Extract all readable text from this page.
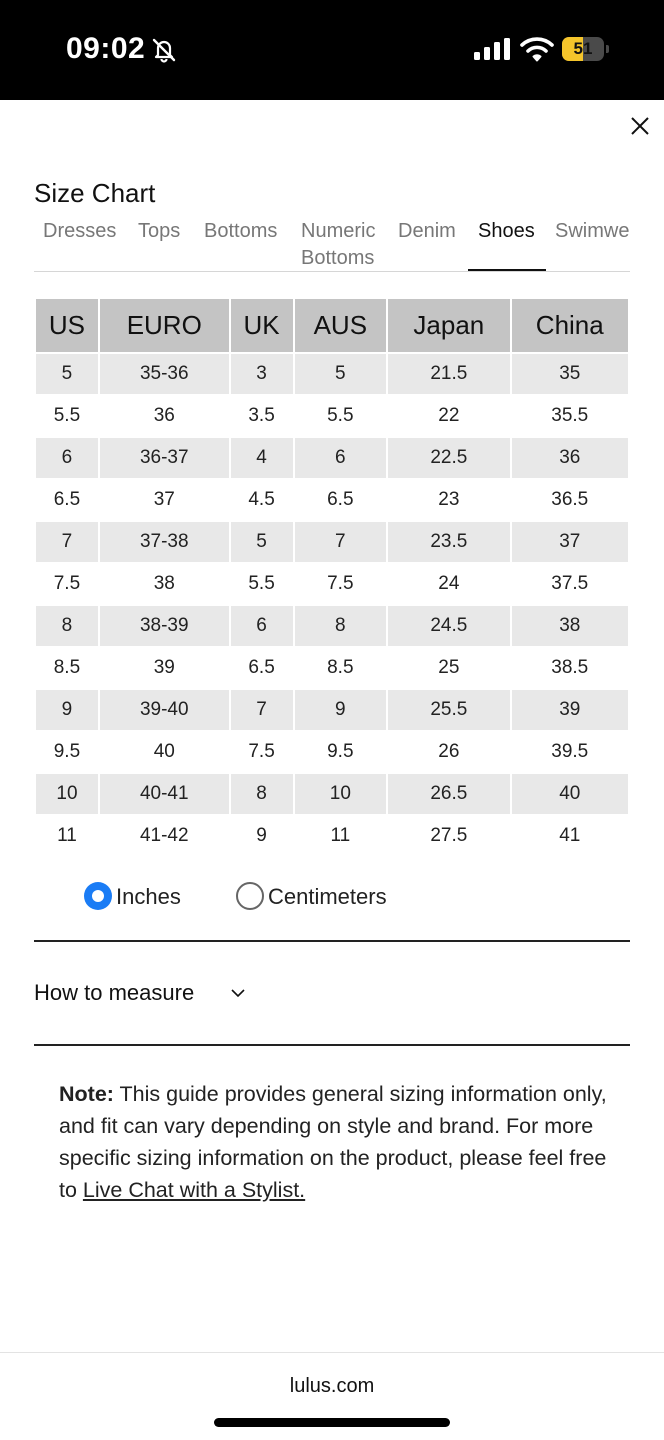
09:02	51
Size Chart
Dresses Tops Bottoms Numeric
Bottoms
Denim Shoes Swimwe
US	EURO	UK	AUS	Japan	China
5	35-36	3	5	21.5	35
5.5	36	3.5	5.5	22	35.5
6	36-37	4	6	22.5	36
6.5	37	4.5	6.5	23	36.5
7	37-38	5	7	23.5	37
7.5	38	5.5	7.5	24	37.5
8	38-39	6	8	24.5	38
8.5	39	6.5	8.5	25	38.5
9	39-40	7	9	25.5	39
9.5	40	7.5	9.5	26	39.5
10	40-41	8	10	26.5	40
11	41-42	9	11	27.5	41
Inches	Centimeters
How to measure
Note: This guide provides general sizing information only, and fit can vary depending on style and brand. For more specific sizing information on the product, please feel free to Live Chat with a Stylist.
lulus.com
